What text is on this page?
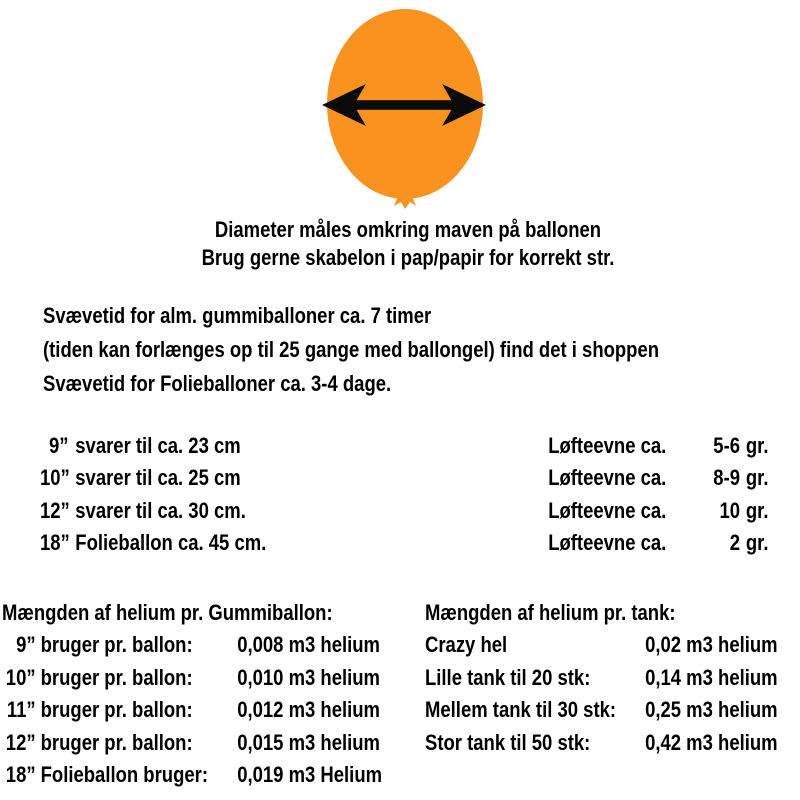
Diameter måles omkring maven på ballonen
Brug gerne skabelon i pap/papir for korrekt str.
Svævetid for alm. gummiballoner ca. 7 timer
(tiden kan forlænges op til 25 gange med ballongel) find det i shoppen
Svævetid for Folieballoner ca. 3-4 dage.
9” svarer til ca. 23 cm	Løfteevne ca.	5-6 gr.
10” svarer til ca. 25 cm	Løfteevne ca.	8-9 gr.
12” svarer til ca. 30 cm.	Løfteevne ca.	10 gr.
18” Folieballon ca. 45 cm.	Løfteevne ca.	2 gr.
Mængden af helium pr. Gummiballon:
9” bruger pr. ballon: 0,008 m3 helium
10” bruger pr. ballon: 0,010 m3 helium
11” bruger pr. ballon: 0,012 m3 helium
12” bruger pr. ballon: 0,015 m3 helium
18” Folieballon bruger: 0,019 m3 Helium
Mængden af helium pr. tank:
Crazy hel	0,02 m3 helium
Lille tank til 20 stk: 0,14 m3 helium
Mellem tank til 30 stk: 0,25 m3 helium
Stor tank til 50 stk: 0,42 m3 helium
